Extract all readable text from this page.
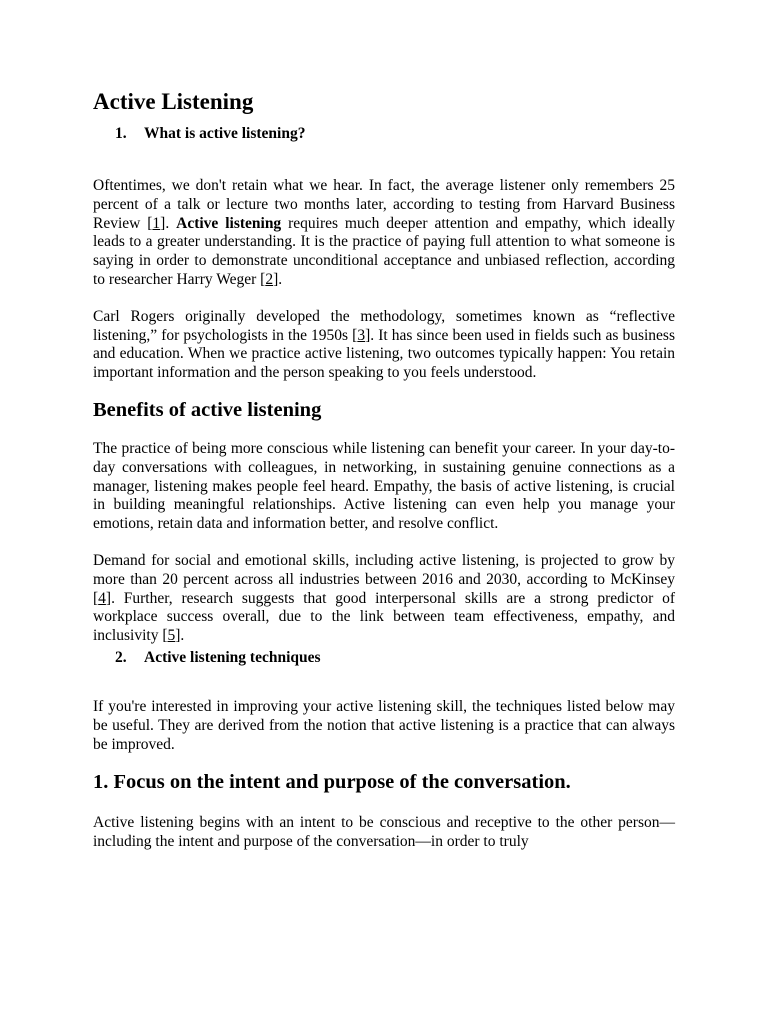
Active Listening
1. What is active listening?

Oftentimes, we don't retain what we hear. In fact, the average listener only remembers 25 percent of a talk or lecture two months later, according to testing from Harvard Business Review [1]. Active listening requires much deeper attention and empathy, which ideally leads to a greater understanding. It is the practice of paying full attention to what someone is saying in order to demonstrate unconditional acceptance and unbiased reflection, according to researcher Harry Weger [2].

Carl Rogers originally developed the methodology, sometimes known as “reflective listening,” for psychologists in the 1950s [3]. It has since been used in fields such as business and education. When we practice active listening, two outcomes typically happen: You retain important information and the person speaking to you feels understood.

Benefits of active listening

The practice of being more conscious while listening can benefit your career. In your day-to-day conversations with colleagues, in networking, in sustaining genuine connections as a manager, listening makes people feel heard. Empathy, the basis of active listening, is crucial in building meaningful relationships. Active listening can even help you manage your emotions, retain data and information better, and resolve conflict.

Demand for social and emotional skills, including active listening, is projected to grow by more than 20 percent across all industries between 2016 and 2030, according to McKinsey [4]. Further, research suggests that good interpersonal skills are a strong predictor of workplace success overall, due to the link between team effectiveness, empathy, and inclusivity [5].

2. Active listening techniques

If you're interested in improving your active listening skill, the techniques listed below may be useful. They are derived from the notion that active listening is a practice that can always be improved.

1. Focus on the intent and purpose of the conversation.

Active listening begins with an intent to be conscious and receptive to the other person—including the intent and purpose of the conversation—in order to truly
